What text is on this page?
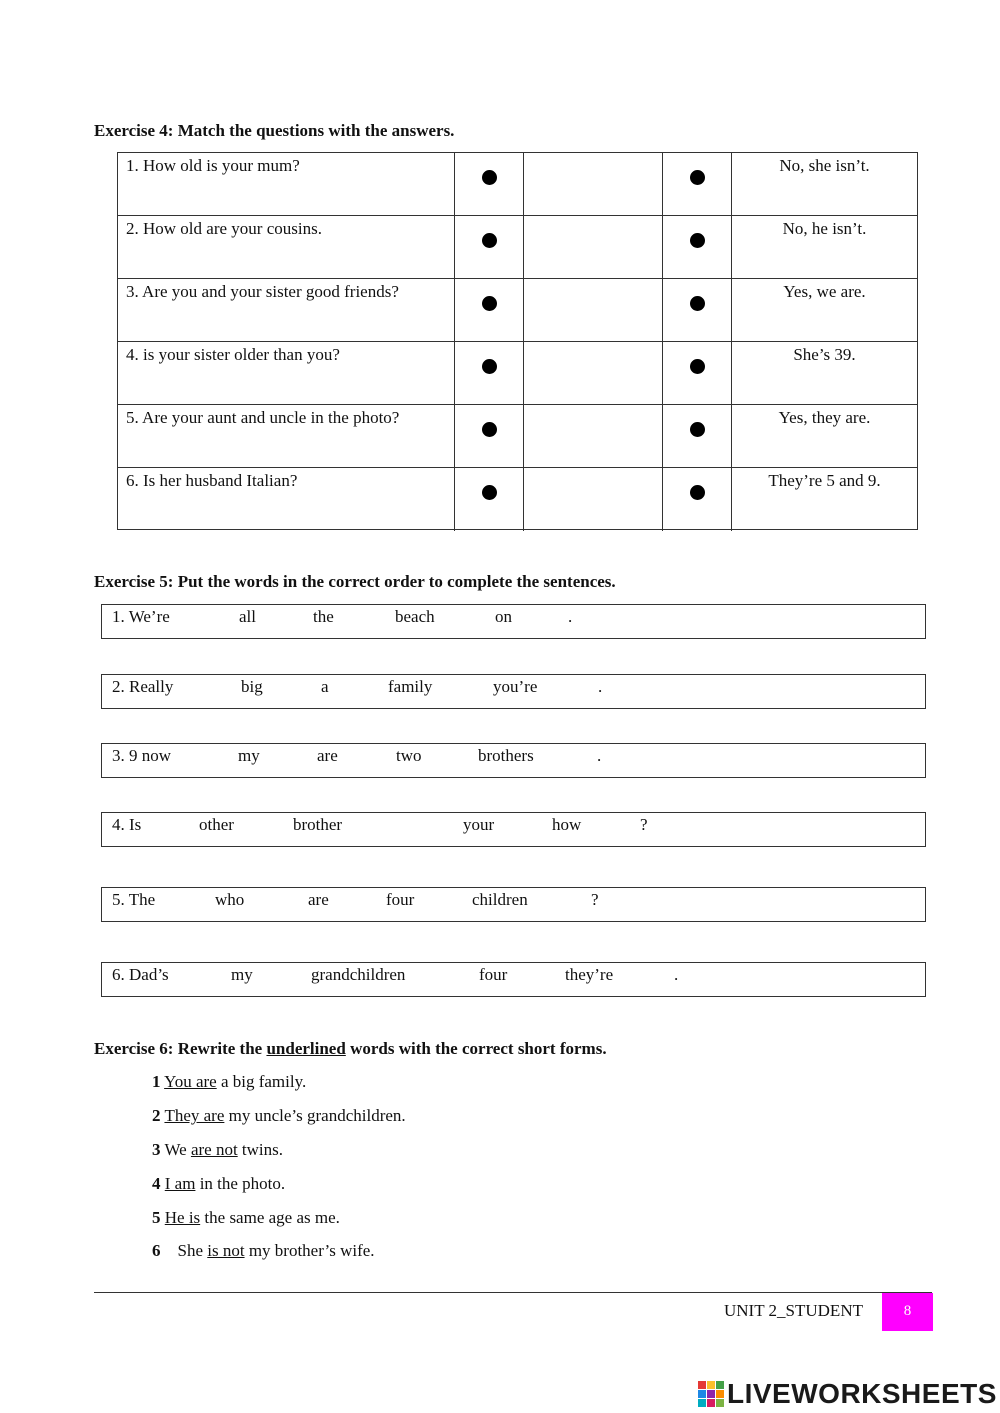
Exercise 4: Match the questions with the answers.
1. How old is your mum?	No, she isn’t.
2. How old are your cousins.	No, he isn’t.
3. Are you and your sister good friends?	Yes, we are.
4. is your sister older than you?	She’s 39.
5. Are your aunt and uncle in the photo?	Yes, they are.
6. Is her husband Italian?	They’re 5 and 9.
Exercise 5: Put the words in the correct order to complete the sentences.
1. We’re	all	the	beach	on	.
2. Really	big	a	family	you’re	.
3. 9 now	my	are	two	brothers	.
4. Is	other	brother	your	how	?
5. The	who	are	four	children	?
6. Dad’s	my	grandchildren	four	they’re	.
Exercise 6: Rewrite the underlined words with the correct short forms.
1 You are a big family.
2 They are my uncle’s grandchildren.
3 We are not twins.
4 I am in the photo.
5 He is the same age as me.
6    She is not my brother’s wife.
UNIT 2_STUDENT	8
LIVEWORKSHEETS
